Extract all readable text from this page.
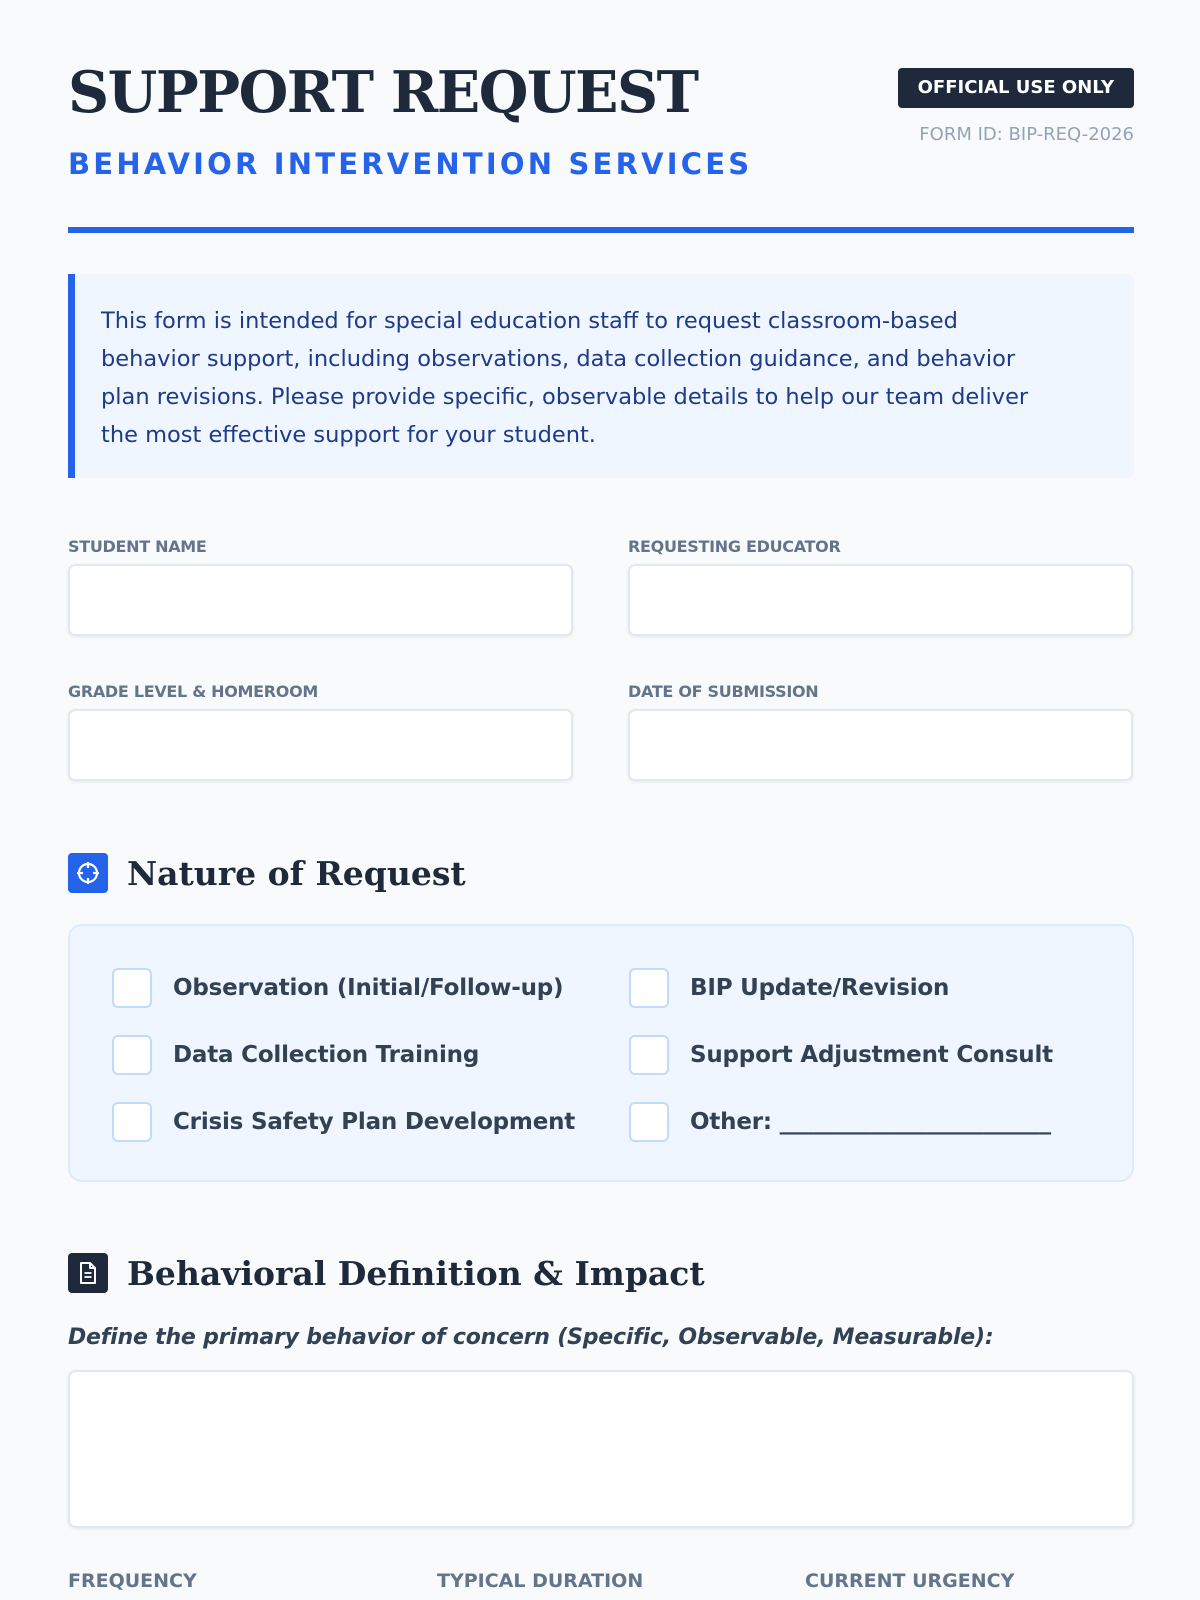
SUPPORT REQUEST
BEHAVIOR INTERVENTION SERVICES
OFFICIAL USE ONLY
FORM ID: BIP-REQ-2026

This form is intended for special education staff to request classroom-based behavior support, including observations, data collection guidance, and behavior plan revisions. Please provide specific, observable details to help our team deliver the most effective support for your student.

STUDENT NAME	REQUESTING EDUCATOR
GRADE LEVEL & HOMEROOM	DATE OF SUBMISSION
Nature of Request
Observation (Initial/Follow-up)	BIP Update/Revision
Data Collection Training	Support Adjustment Consult
Crisis Safety Plan Development	Other: ________________________
Behavioral Definition & Impact
Define the primary behavior of concern (Specific, Observable, Measurable):
FREQUENCY	TYPICAL DURATION	CURRENT URGENCY
